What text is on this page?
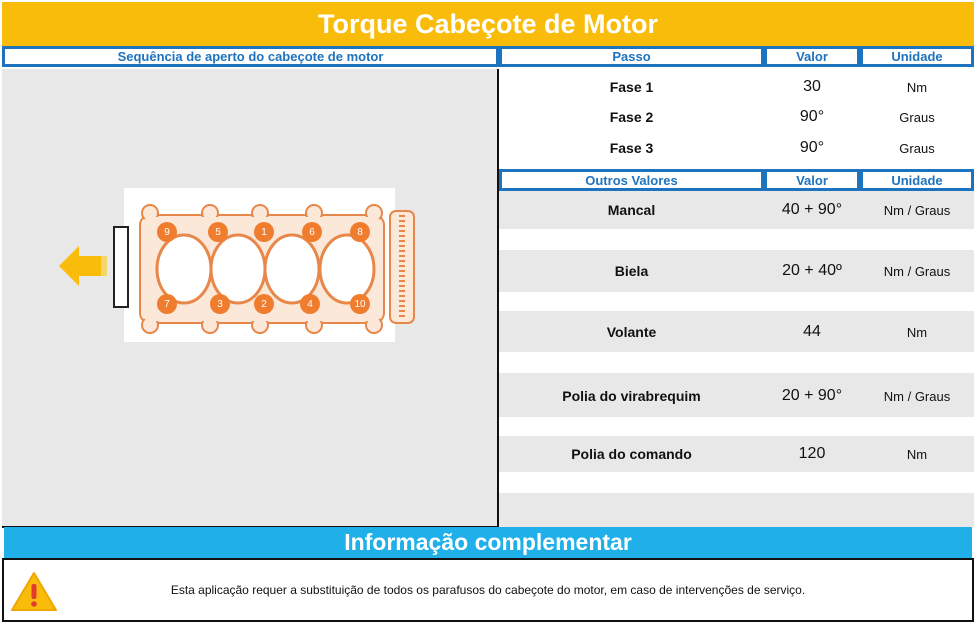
Torque Cabeçote de Motor
Sequência de aperto do cabeçote de motor	Passo	Valor	Unidade
9	5	1	6	8
7	3	2	4	10
Fase 1	30	Nm
Fase 2	90°	Graus
Fase 3	90°	Graus
Outros Valores	Valor	Unidade
Mancal	40 + 90°	Nm / Graus
Biela	20 + 40º	Nm / Graus
Volante	44	Nm
Polia do virabrequim	20 + 90°	Nm / Graus
Polia do comando	120	Nm
Informação complementar
Esta aplicação requer a substituição de todos os parafusos do cabeçote do motor, em caso de intervenções de serviço.
